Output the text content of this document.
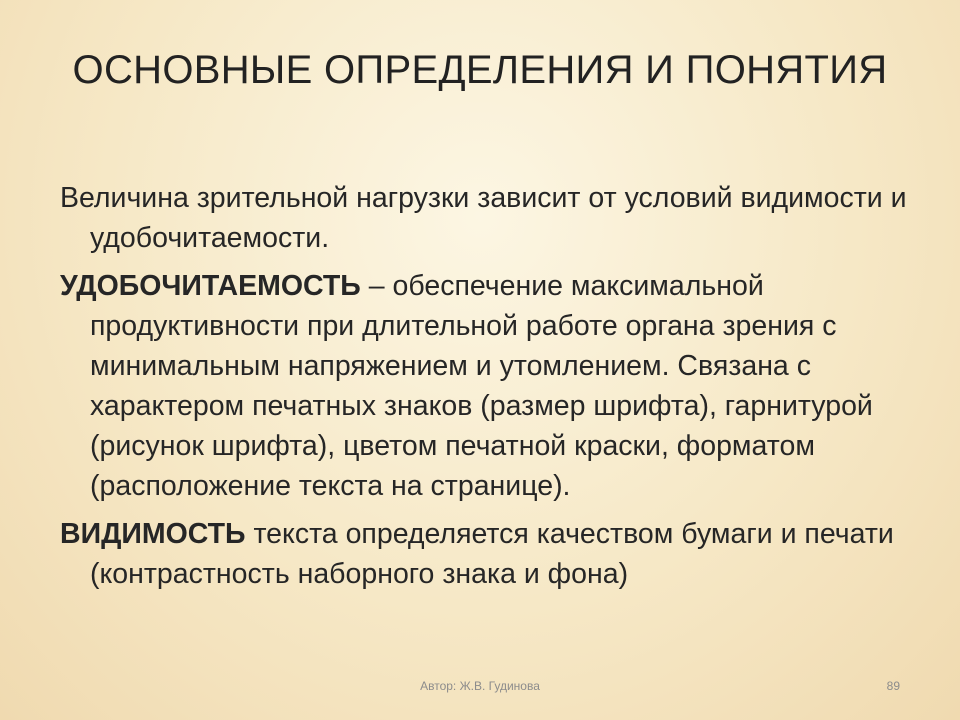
ОСНОВНЫЕ ОПРЕДЕЛЕНИЯ И ПОНЯТИЯ

Величина зрительной нагрузки зависит от условий видимости и удобочитаемости.

УДОБОЧИТАЕМОСТЬ – обеспечение максимальной продуктивности при длительной работе органа зрения с минимальным напряжением и утомлением. Связана с характером печатных знаков (размер шрифта), гарнитурой (рисунок шрифта), цветом печатной краски, форматом (расположение текста на странице).

ВИДИМОСТЬ текста определяется качеством бумаги и печати (контрастность наборного знака и фона)

Автор: Ж.В. Гудинова	89
